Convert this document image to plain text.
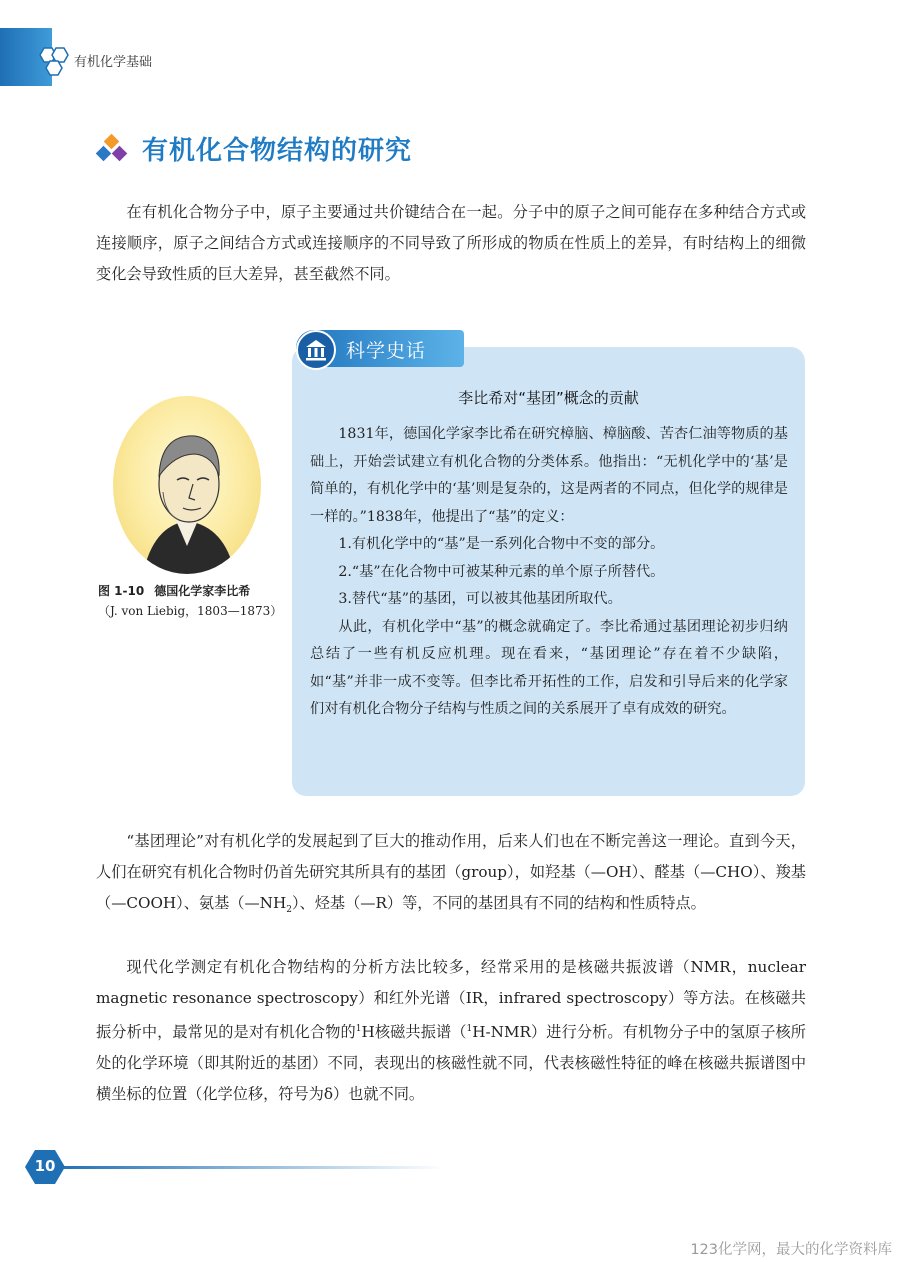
有机化学基础
有机化合物结构的研究

在有机化合物分子中，原子主要通过共价键结合在一起。分子中的原子之间可能存在多种结合方式或连接顺序，原子之间结合方式或连接顺序的不同导致了所形成的物质在性质上的差异，有时结构上的细微变化会导致性质的巨大差异，甚至截然不同。

图 1-10 德国化学家李比希
（J. von Liebig，1803—1873）
科学史话
李比希对“基团”概念的贡献

1831年，德国化学家李比希在研究樟脑、樟脑酸、苦杏仁油等物质的基础上，开始尝试建立有机化合物的分类体系。他指出：“无机化学中的‘基’是简单的，有机化学中的‘基’则是复杂的，这是两者的不同点，但化学的规律是一样的。”1838年，他提出了“基”的定义：

1.有机化学中的“基”是一系列化合物中不变的部分。

2.“基”在化合物中可被某种元素的单个原子所替代。

3.替代“基”的基团，可以被其他基团所取代。

从此，有机化学中“基”的概念就确定了。李比希通过基团理论初步归纳总结了一些有机反应机理。现在看来，“基团理论”存在着不少缺陷，如“基”并非一成不变等。但李比希开拓性的工作，启发和引导后来的化学家们对有机化合物分子结构与性质之间的关系展开了卓有成效的研究。

“基团理论”对有机化学的发展起到了巨大的推动作用，后来人们也在不断完善这一理论。直到今天，人们在研究有机化合物时仍首先研究其所具有的基团（group），如羟基（—OH）、醛基（—CHO）、羧基（—COOH）、氨基$(—NH_2)$、烃基（—R）等，不同的基团具有不同的结构和性质特点。

现代化学测定有机化合物结构的分析方法比较多，经常采用的是核磁共振波谱（NMR，nuclear magnetic resonance spectroscopy）和红外光谱（IR，infrared spectroscopy）等方法。在核磁共振分析中，最常见的是对有机化合物的$^1$H核磁共振谱（$^1$H-NMR）进行分析。有机物分子中的氢原子核所处的化学环境（即其附近的基团）不同，表现出的核磁性就不同，代表核磁性特征的峰在核磁共振谱图中横坐标的位置（化学位移，符号为δ）也就不同。

10
123化学网，最大的化学资料库
